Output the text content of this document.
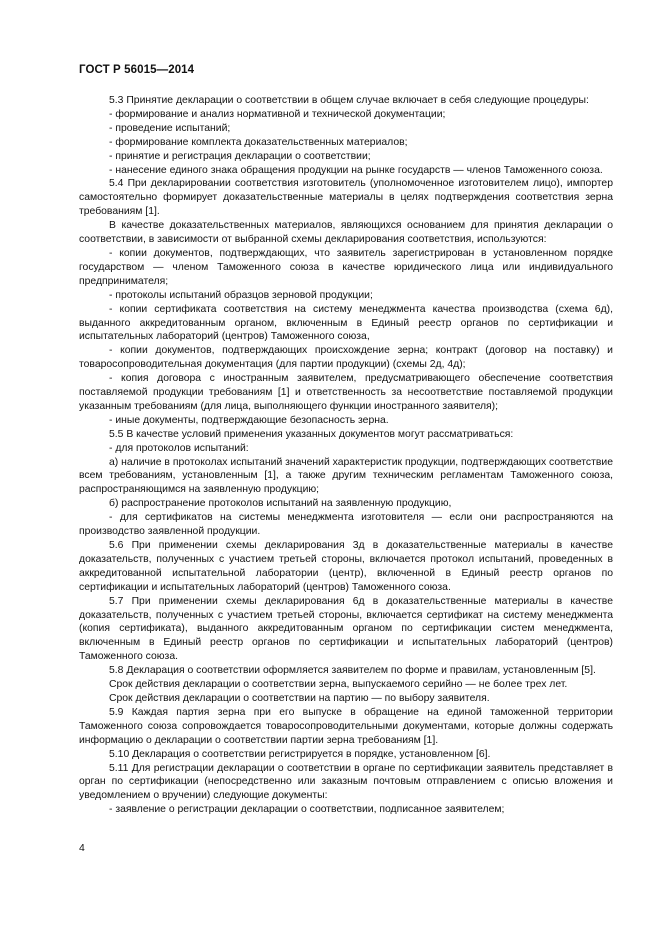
ГОСТ Р 56015—2014

5.3 Принятие декларации о соответствии в общем случае включает в себя следующие процедуры:

- формирование и анализ нормативной и технической документации;

- проведение испытаний;

- формирование комплекта доказательственных материалов;

- принятие и регистрация декларации о соответствии;

- нанесение единого знака обращения продукции на рынке государств — членов Таможенного союза.

5.4 При декларировании соответствия изготовитель (уполномоченное изготовителем лицо), импортер самостоятельно формирует доказательственные материалы в целях подтверждения соответствия зерна требованиям [1].

В качестве доказательственных материалов, являющихся основанием для принятия декларации о соответствии, в зависимости от выбранной схемы декларирования соответствия, используются:

- копии документов, подтверждающих, что заявитель зарегистрирован в установленном порядке государством — членом Таможенного союза в качестве юридического лица или индивидуального предпринимателя;

- протоколы испытаний образцов зерновой продукции;

- копии сертификата соответствия на систему менеджмента качества производства (схема 6д), выданного аккредитованным органом, включенным в Единый реестр органов по сертификации и испытательных лабораторий (центров) Таможенного союза,

- копии документов, подтверждающих происхождение зерна; контракт (договор на поставку) и товаросопроводительная документация (для партии продукции) (схемы 2д, 4д);

- копия договора с иностранным заявителем, предусматривающего обеспечение соответствия поставляемой продукции требованиям [1] и ответственность за несоответствие поставляемой продукции указанным требованиям (для лица, выполняющего функции иностранного заявителя);

- иные документы, подтверждающие безопасность зерна.

5.5 В качестве условий применения указанных документов могут рассматриваться:

- для протоколов испытаний:

а) наличие в протоколах испытаний значений характеристик продукции, подтверждающих соответствие всем требованиям, установленным [1], а также другим техническим регламентам Таможенного союза, распространяющимся на заявленную продукцию;

б) распространение протоколов испытаний на заявленную продукцию,

- для сертификатов на системы менеджмента изготовителя — если они распространяются на производство заявленной продукции.

5.6 При применении схемы декларирования 3д в доказательственные материалы в качестве доказательств, полученных с участием третьей стороны, включается протокол испытаний, проведенных в аккредитованной испытательной лаборатории (центр), включенной в Единый реестр органов по сертификации и испытательных лабораторий (центров) Таможенного союза.

5.7 При применении схемы декларирования 6д в доказательственные материалы в качестве доказательств, полученных с участием третьей стороны, включается сертификат на систему менеджмента (копия сертификата), выданного аккредитованным органом по сертификации систем менеджмента, включенным в Единый реестр органов по сертификации и испытательных лабораторий (центров) Таможенного союза.

5.8 Декларация о соответствии оформляется заявителем по форме и правилам, установленным [5].

Срок действия декларации о соответствии зерна, выпускаемого серийно — не более трех лет.

Срок действия декларации о соответствии на партию — по выбору заявителя.

5.9 Каждая партия зерна при его выпуске в обращение на единой таможенной территории Таможенного союза сопровождается товаросопроводительными документами, которые должны содержать информацию о декларации о соответствии партии зерна требованиям [1].

5.10 Декларация о соответствии регистрируется в порядке, установленном [6].

5.11 Для регистрации декларации о соответствии в органе по сертификации заявитель представляет в орган по сертификации (непосредственно или заказным почтовым отправлением с описью вложения и уведомлением о вручении) следующие документы:

- заявление о регистрации декларации о соответствии, подписанное заявителем;

4
